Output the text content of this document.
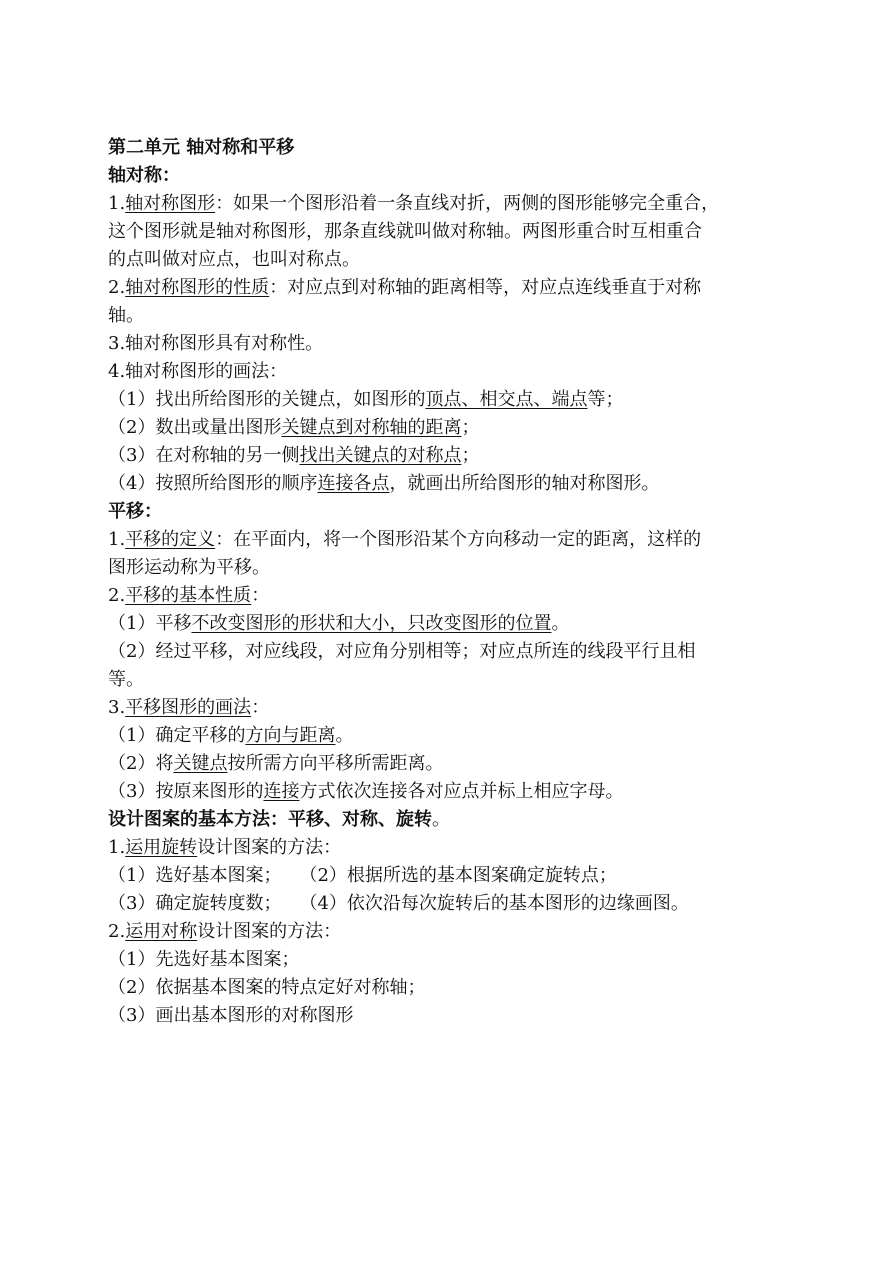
第二单元 轴对称和平移
轴对称：
1.轴对称图形：如果一个图形沿着一条直线对折，两侧的图形能够完全重合，
这个图形就是轴对称图形，那条直线就叫做对称轴。两图形重合时互相重合
的点叫做对应点，也叫对称点。
2.轴对称图形的性质：对应点到对称轴的距离相等，对应点连线垂直于对称
轴。
3.轴对称图形具有对称性。
4.轴对称图形的画法：
（1）找出所给图形的关键点，如图形的顶点、相交点、端点等；
（2）数出或量出图形关键点到对称轴的距离；
（3）在对称轴的另一侧找出关键点的对称点；
（4）按照所给图形的顺序连接各点，就画出所给图形的轴对称图形。
平移：
1.平移的定义：在平面内，将一个图形沿某个方向移动一定的距离，这样的
图形运动称为平移。
2.平移的基本性质：
（1）平移不改变图形的形状和大小，只改变图形的位置。
（2）经过平移，对应线段，对应角分别相等；对应点所连的线段平行且相
等。
3.平移图形的画法：
（1）确定平移的方向与距离。
（2）将关键点按所需方向平移所需距离。
（3）按原来图形的连接方式依次连接各对应点并标上相应字母。
设计图案的基本方法：平移、对称、旋转。
1.运用旋转设计图案的方法：
（1）选好基本图案； （2）根据所选的基本图案确定旋转点；
（3）确定旋转度数； （4）依次沿每次旋转后的基本图形的边缘画图。
2.运用对称设计图案的方法：
（1）先选好基本图案；
（2）依据基本图案的特点定好对称轴；
（3）画出基本图形的对称图形
